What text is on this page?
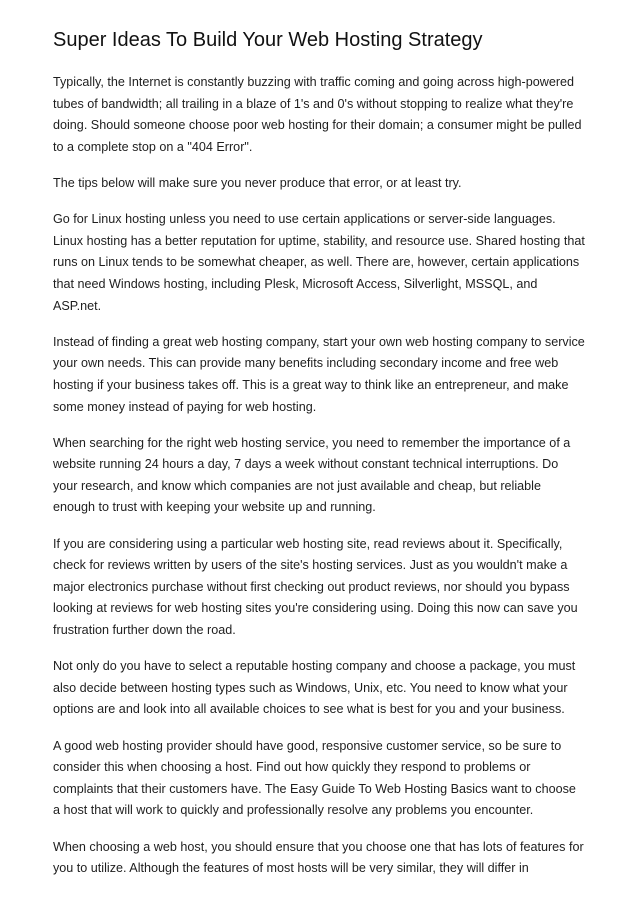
Super Ideas To Build Your Web Hosting Strategy

Typically, the Internet is constantly buzzing with traffic coming and going across high-powered tubes of bandwidth; all trailing in a blaze of 1's and 0's without stopping to realize what they're doing. Should someone choose poor web hosting for their domain; a consumer might be pulled to a complete stop on a "404 Error".

The tips below will make sure you never produce that error, or at least try.

Go for Linux hosting unless you need to use certain applications or server-side languages. Linux hosting has a better reputation for uptime, stability, and resource use. Shared hosting that runs on Linux tends to be somewhat cheaper, as well. There are, however, certain applications that need Windows hosting, including Plesk, Microsoft Access, Silverlight, MSSQL, and ASP.net.

Instead of finding a great web hosting company, start your own web hosting company to service your own needs. This can provide many benefits including secondary income and free web hosting if your business takes off. This is a great way to think like an entrepreneur, and make some money instead of paying for web hosting.

When searching for the right web hosting service, you need to remember the importance of a website running 24 hours a day, 7 days a week without constant technical interruptions. Do your research, and know which companies are not just available and cheap, but reliable enough to trust with keeping your website up and running.

If you are considering using a particular web hosting site, read reviews about it. Specifically, check for reviews written by users of the site's hosting services. Just as you wouldn't make a major electronics purchase without first checking out product reviews, nor should you bypass looking at reviews for web hosting sites you're considering using. Doing this now can save you frustration further down the road.

Not only do you have to select a reputable hosting company and choose a package, you must also decide between hosting types such as Windows, Unix, etc. You need to know what your options are and look into all available choices to see what is best for you and your business.

A good web hosting provider should have good, responsive customer service, so be sure to consider this when choosing a host. Find out how quickly they respond to problems or complaints that their customers have. The Easy Guide To Web Hosting Basics want to choose a host that will work to quickly and professionally resolve any problems you encounter.

When choosing a web host, you should ensure that you choose one that has lots of features for you to utilize. Although the features of most hosts will be very similar, they will differ in
